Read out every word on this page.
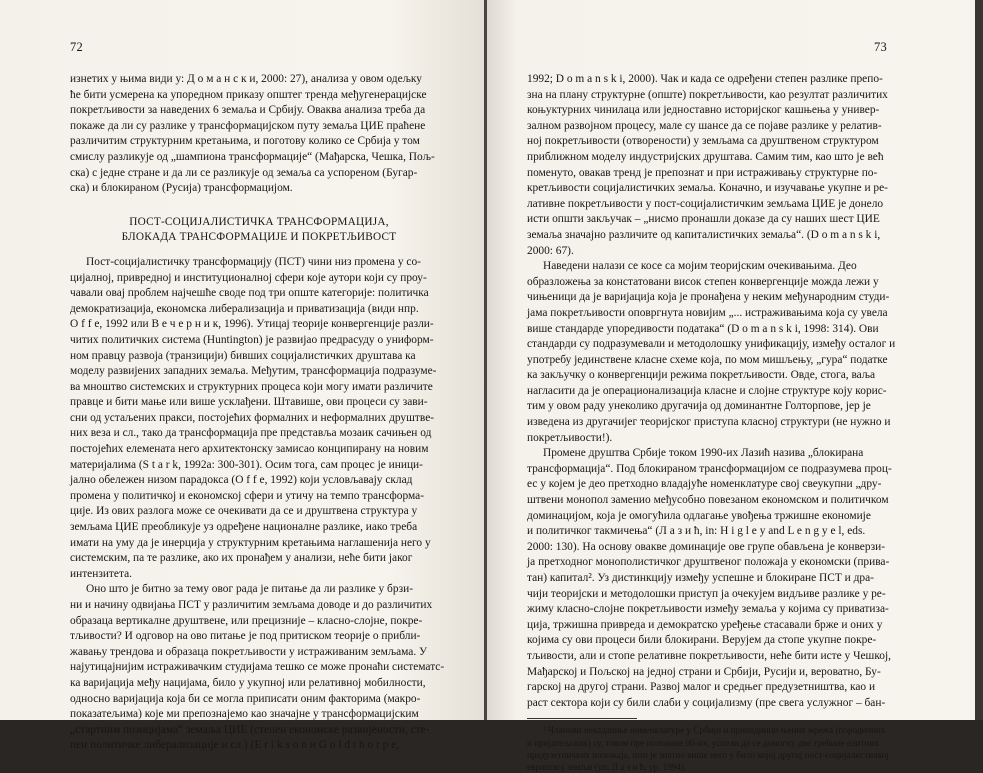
72
изнетих у њима види у: Д о м а н с к и, 2000: 27), анализа у овом одељку
ће бити усмерена ка упоредном приказу општег тренда међугенерацијске
покретљивости за наведених 6 земаља и Србију. Оваква анализа треба да
покаже да ли су разлике у трансформацијском путу земаља ЦИЕ праћене
различитим структурним кретањима, и поготову колико се Србија у том
смислу разликује од „шампиона трансформације“ (Мађарска, Чешка, Пољ-
ска) с једне стране и да ли се разликује од земаља са успореном (Бугар-
ска) и блокираном (Русија) трансформацијом.
ПОСТ-СОЦИЈАЛИСТИЧКА ТРАНСФОРМАЦИЈА,
БЛОКАДА ТРАНСФОРМАЦИЈЕ И ПОКРЕТЉИВОСТ
Пост-социјалистичку трансформацију (ПСТ) чини низ промена у со-
цијалној, привредној и институционалној сфери које аутори који су проу-
чавали овај проблем најчешће своде под три опште категорије: политичка
демократизација, економска либерализација и приватизација (види нпр.
O f f e, 1992 или В е ч е р н и к, 1996). Утицај теорије конвергенције разли-
читих политичких система (Huntington) је развијао предрасуду о униформ-
ном правцу развоја (транзицији) бивших социјалистичких друштава ка
моделу развијених западних земаља. Међутим, трансформација подразуме-
ва мноштво системских и структурних процеса који могу имати различите
правце и бити мање или више усклађени. Штавише, ови процеси су зави-
сни од устаљених пракси, постојећих формалних и неформалних друштве-
них веза и сл., тако да трансформација пре представља мозаик сачињен од
постојећих елемената него архитектонску замисао конципирану на новим
материјалима (S t a r k, 1992a: 300-301). Осим тога, сам процес је иници-
јално обележен низом парадокса (O f f e, 1992) који условљавају склад
промена у политичкој и економској сфери и утичу на темпо трансформа-
ције. Из ових разлога може се очекивати да се и друштвена структура у
земљама ЦИЕ преобликује уз одређене национaлне разлике, иако треба
имати на уму да је инерција у структурним кретањима наглашенија него у
системским, па те разлике, ако их пронађем у анализи, неће бити јаког
интензитета.
Оно што је битно за тему овог рада је питање да ли разлике у брзи-
ни и начину одвијања ПСТ у различитим земљама доводе и до различитих
образаца вертикалне друштвене, или прецизније – класно-слојне, покре-
тљивости? И одговор на ово питање је под притиском теорије о прибли-
жавању трендова и образаца покретљивости у истраживаним земљама. У
најутицајнијим истраживачким студијама тешко се може пронаћи систематс-
ка варијација међу нацијама, било у укупној или релативној мобилности,
односно варијација која би се могла приписати оним факторима (макро-
показатељима) које ми препознајемо као значајне у трансформацијским
„стартним позицијама“ земаља ЦИЕ (степен економске развијености, сте-
пен политичке либерализације и сл.) (E r i k s o n и G o l d t h o r p e,
73
1992; D o m a n s k i, 2000). Чак и када се одређени степен разлике препо-
зна на плану структурне (опште) покретљивости, као резултат различитих
коњуктурних чинилаца или једноставно историјског кашњења у универ-
залном развојном процесу, мале су шансе да се појаве разлике у релатив-
ној покретљивости (отворености) у земљама са друштвеном структуром
приближном моделу индустријских друштава. Самим тим, као што је већ
поменуто, овакав тренд је препознат и при истраживању структурне по-
кретљивости социјалистичких земаља. Коначно, и изучавање укупне и ре-
лативне покретљивости у пост-социјалистичким земљама ЦИЕ је донело
исти општи закључак – „нисмо пронашли доказе да су наших шест ЦИЕ
земаља значајно различите од капиталистичких земаља“. (D o m a n s k i,
2000: 67).
Наведени налази се косе са мојим теоријским очекивањима. Део
образложења за констатовани висок степен конвергенције можда лежи у
чињеници да је варијација која је пронађена у неким међународним студи-
јама покретљивости оповргнута новијим „... истраживањима која су увела
више стандарде упоредивости података“ (D o m a n s k i, 1998: 314). Ови
стандарди су подразумевали и методолошку унификацију, између осталог и
употребу јединствене класне схеме која, по мом мишљењу, „гура“ податке
ка закључку о конвергенцији режима покретљивости. Овде, стога, ваља
нагласити да је операционализација класне и слојне структуре коју корис-
тим у овом раду унеколико другачија од доминантне Голторпове, јер је
изведена из другачијег теоријског приступа класној структури (не нужно и
покретљивости!).
Промене друштва Србије током 1990-их Лазић назива „блокирана
трансформација“. Под блокираном трансформацијом се подразумева проц-
ес у којем је део претходно владајуће номенклатуре свој свеукупни „дру-
штвени монопол заменио међусобно повезаном економском и политичком
доминацијом, која је омогућила одлагање увођења тржишне економије
и политичког такмичења“ (Л а з и ћ, in: H i g l e y and L e n g y e l, eds.
2000: 130). На основу овакве доминације ове групе обављена је конверзи-
ја претходног монополистичког друштвеног положаја у економски (прива-
тан) капитал². Уз дистинкцију између успешне и блокиране ПСТ и дра-
чији теоријски и методолошки приступ ја очекујем видљиве разлике у ре-
жиму класно-слојне покретљивости између земаља у којима су приватиза-
ција, тржишна привреда и демократско уређење стасавали брже и оних у
којима су ови процеси били блокирани. Верујем да стопе укупне покре-
тљивости, али и стопе релативне покретљивости, неће бити исте у Чешкој,
Мађарској и Пољској на једној страни и Србији, Русији и, вероватно, Бу-
гарској на другој страни. Развој малог и средњег предузетништва, као и
раст сектора који су били слаби у социјализму (пре свега услужног – бан-
² Чланови некадашње номенклатуре у Србији и припадници њених мрежа (породичних
и пријатељских) су, током пре половине 90-их, успели да се домогну две трећине елитних
предузетничких положаја, што је знатно више него у било којој другој пост-социјалистичкој
европској земљи (уп. Л а з и ћ, ур. 1994).
